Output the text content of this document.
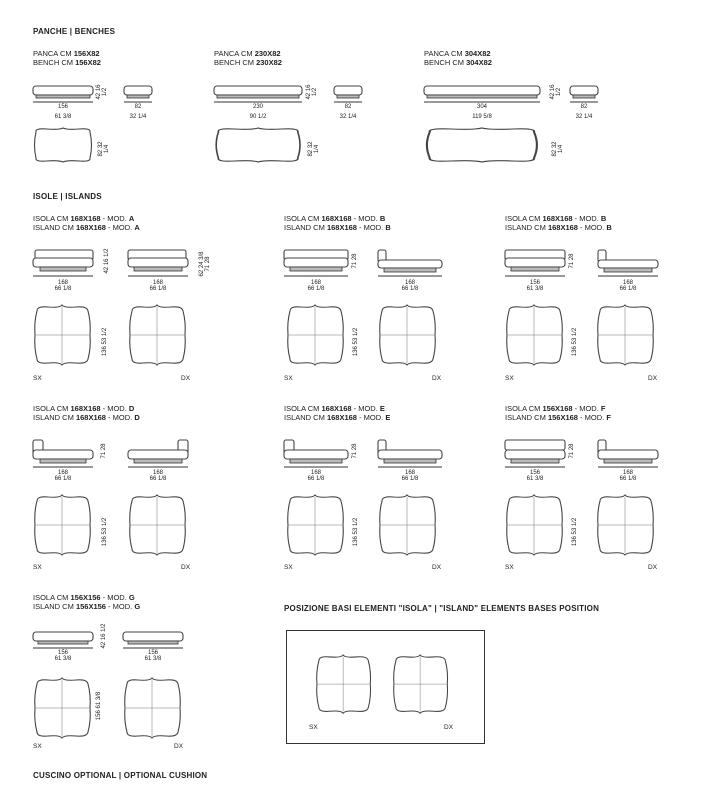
PANCHE | BENCHES
ISOLE | ISLANDS
POSIZIONE BASI ELEMENTI "ISOLA" | "ISLAND" ELEMENTS BASES POSITION
CUSCINO OPTIONAL | OPTIONAL CUSHION
PANCA CM 156X82
BENCH CM 156X82
PANCA CM 230X82
BENCH CM 230X82
PANCA CM 304X82
BENCH CM 304X82
156
61 3/8
82
32 1/4
230
90 1/2
82
32 1/4
304
119 5/8
82
32 1/4
42 16 1/2
42 16 1/2
42 16 1/2
82 32 1/4
82 32 1/4
82 32 1/4
ISOLA CM 168X168 - MOD. A
ISLAND CM 168X168 - MOD. A
ISOLA CM 168X168 - MOD. B
ISLAND CM 168X168 - MOD. B
ISOLA CM 168X168 - MOD. B
ISLAND CM 168X168 - MOD. B
ISOLA CM 168X168 - MOD. D
ISLAND CM 168X168 - MOD. D
ISOLA CM 168X168 - MOD. E
ISLAND CM 168X168 - MOD. E
ISOLA CM 156X168 - MOD. F
ISLAND CM 156X168 - MOD. F
ISOLA CM 156X156 - MOD. G
ISLAND CM 156X156 - MOD. G
168
66 1/8
168
66 1/8
168
66 1/8
168
66 1/8
156
61 3/8
168
66 1/8
168
66 1/8
168
66 1/8
168
66 1/8
168
66 1/8
156
61 3/8
168
66 1/8
156
61 3/8
156
61 3/8
42 16 1/2
62 24 3/8 71 28
71 28
71 28
71 28
71 28
71 28
42 16 1/2
136 53 1/2
136 53 1/2
136 53 1/2
136 53 1/2
136 53 1/2
136 53 1/2
156 61 3/8
SX	DX	SX	DX	SX	DX
SX	DX	SX	DX	SX	DX
SX	DX
SX	DX
